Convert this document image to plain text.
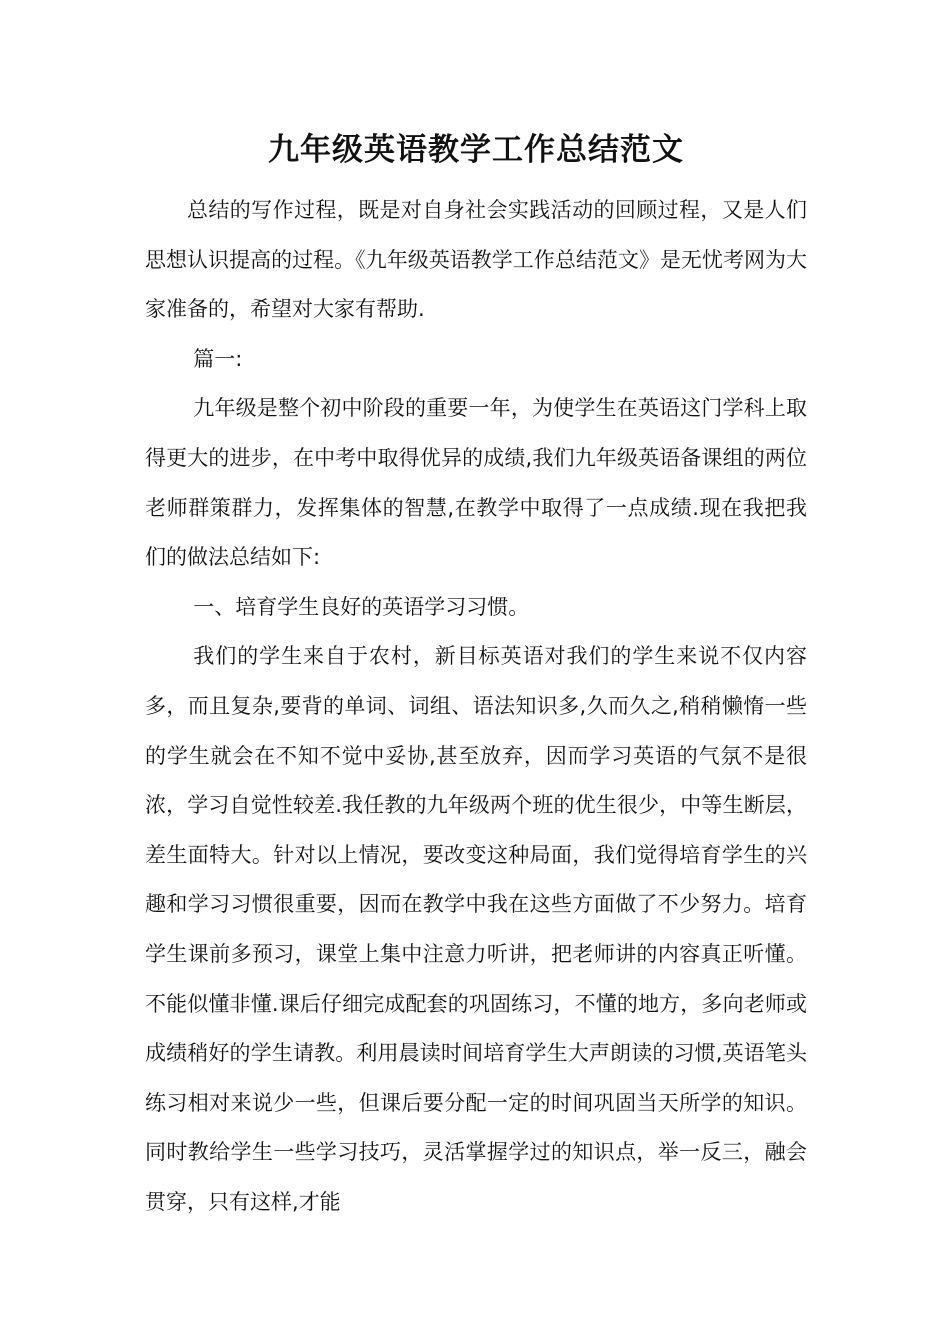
九年级英语教学工作总结范文

总结的写作过程，既是对自身社会实践活动的回顾过程，又是人们思想认识提高的过程。《九年级英语教学工作总结范文》是无忧考网为大家准备的，希望对大家有帮助.

篇一:

九年级是整个初中阶段的重要一年，为使学生在英语这门学科上取得更大的进步，在中考中取得优异的成绩,我们九年级英语备课组的两位老师群策群力，发挥集体的智慧,在教学中取得了一点成绩.现在我把我们的做法总结如下:

一、培育学生良好的英语学习习惯。

我们的学生来自于农村，新目标英语对我们的学生来说不仅内容多，而且复杂,要背的单词、词组、语法知识多,久而久之,稍稍懒惰一些的学生就会在不知不觉中妥协,甚至放弃，因而学习英语的气氛不是很浓，学习自觉性较差.我任教的九年级两个班的优生很少，中等生断层，差生面特大。针对以上情况，要改变这种局面，我们觉得培育学生的兴趣和学习习惯很重要，因而在教学中我在这些方面做了不少努力。培育学生课前多预习，课堂上集中注意力听讲，把老师讲的内容真正听懂。不能似懂非懂.课后仔细完成配套的巩固练习，不懂的地方，多向老师或成绩稍好的学生请教。利用晨读时间培育学生大声朗读的习惯,英语笔头练习相对来说少一些，但课后要分配一定的时间巩固当天所学的知识。同时教给学生一些学习技巧，灵活掌握学过的知识点，举一反三，融会贯穿，只有这样,才能
